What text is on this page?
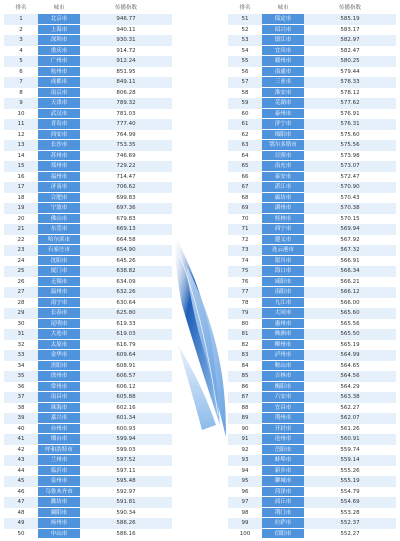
排名	城市	传播指数
1	北京市	946.77
2	上海市	940.11
3	深圳市	930.31
4	重庆市	914.72
5	广州市	912.24
6	杭州市	851.95
7	成都市	849.11
8	南京市	806.28
9	天津市	789.32
10	武汉市	781.03
11	青岛市	777.40
12	西安市	764.99
13	长沙市	753.35
14	苏州市	746.69
15	郑州市	729.22
16	福州市	714.47
17	济南市	706.62
18	合肥市	699.83
19	宁波市	697.36
20	佛山市	679.83
21	东莞市	669.13
22	哈尔滨市	664.58
23	石家庄市	654.90
24	沈阳市	645.26
25	厦门市	638.82
26	无锡市	634.09
27	温州市	632.26
28	南宁市	630.64
29	长春市	625.80
30	昆明市	619.33
31	大连市	619.03
32	太原市	616.79
33	金华市	609.64
34	贵阳市	608.91
35	徐州市	606.57
36	常州市	606.12
37	南昌市	605.88
38	珠海市	602.16
39	嘉兴市	601.34
40	台州市	600.93
41	烟台市	599.94
42	呼和浩特市	599.03
43	兰州市	597.52
44	临沂市	597.11
45	泉州市	595.48
46	乌鲁木齐市	592.97
47	潍坊市	591.81
48	襄阳市	590.34
49	扬州市	586.26
50	中山市	586.16
排名	城市	传播指数
51	保定市	585.19
52	绍兴市	583.17
53	镇江市	582.97
54	宜宾市	582.47
55	赣州市	580.25
56	南通市	579.44
57	三亚市	578.33
58	淮安市	578.12
59	芜湖市	577.62
60	泰州市	576.91
61	济宁市	576.31
62	绵阳市	575.60
63	鄂尔多斯市	575.56
64	日照市	573.98
65	南充市	573.07
66	泰安市	572.47
67	湛江市	570.90
68	廊坊市	570.43
69	湖州市	570.38
70	桂林市	570.15
71	西宁市	569.94
72	遵义市	567.92
73	连云港市	567.32
74	银川市	566.91
75	海口市	566.34
76	咸阳市	566.21
77	南阳市	566.12
78	九江市	566.00
79	大同市	565.60
80	惠州市	565.56
81	株洲市	565.50
82	柳州市	565.19
83	泸州市	564.99
84	鞍山市	564.65
85	吉林市	564.56
86	衡阳市	564.29
87	六安市	563.38
88	宜昌市	562.27
89	荆州市	562.07
90	开封市	561.26
91	沧州市	560.91
92	岳阳市	559.74
93	蚌埠市	559.14
94	新乡市	555.26
95	聊城市	555.19
96	菏泽市	554.79
97	商丘市	554.69
98	荆门市	553.28
99	拉萨市	552.37
100	信阳市	552.27
